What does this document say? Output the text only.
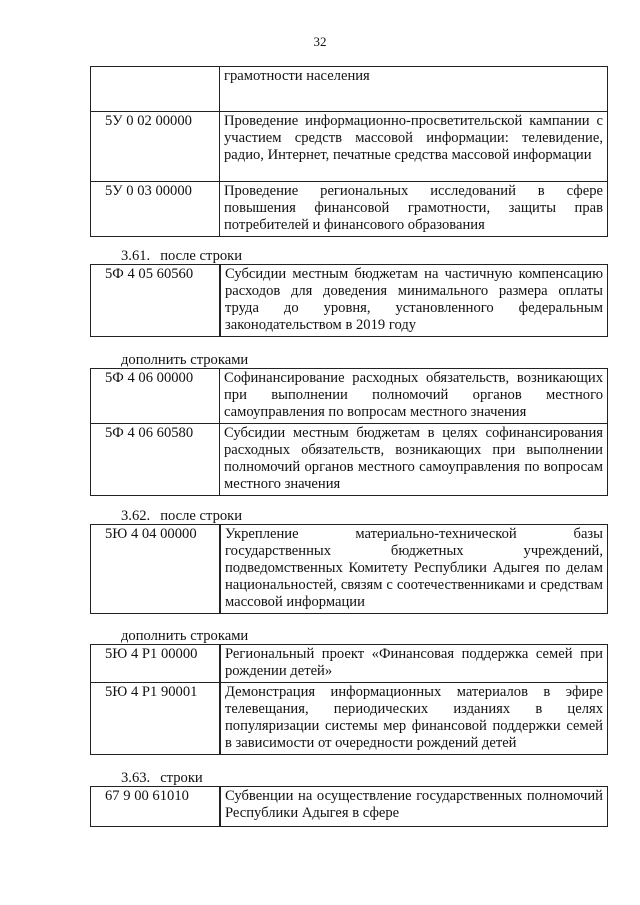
32
	грамотности населения
5У 0 02 00000	Проведение информационно-просветительской кампании с участием средств массовой информации: телевидение, радио, Интернет, печатные средства массовой информации
5У 0 03 00000	Проведение региональных исследований в сфере повышения финансовой грамотности, защиты прав потребителей и финансового образования
3.61. после строки
5Ф 4 05 60560	Субсидии местным бюджетам на частичную компенсацию расходов для доведения минимального размера оплаты труда до уровня, установленного федеральным законодательством в 2019 году
дополнить строками
5Ф 4 06 00000	Софинансирование расходных обязательств, возникающих при выполнении полномочий органов местного самоуправления по вопросам местного значения
5Ф 4 06 60580	Субсидии местным бюджетам в целях софинансирования расходных обязательств, возникающих при выполнении полномочий органов местного самоуправления по вопросам местного значения
3.62. после строки
5Ю 4 04 00000	Укрепление материально-технической базы государственных бюджетных учреждений, подведомственных Комитету Республики Адыгея по делам национальностей, связям с соотечественниками и средствам массовой информации
дополнить строками
5Ю 4 Р1 00000	Региональный проект «Финансовая поддержка семей при рождении детей»
5Ю 4 Р1 90001	Демонстрация информационных материалов в эфире телевещания, периодических изданиях в целях популяризации системы мер финансовой поддержки семей в зависимости от очередности рождений детей
3.63. строки
67 9 00 61010	Субвенции на осуществление государственных полномочий Республики Адыгея в сфере
